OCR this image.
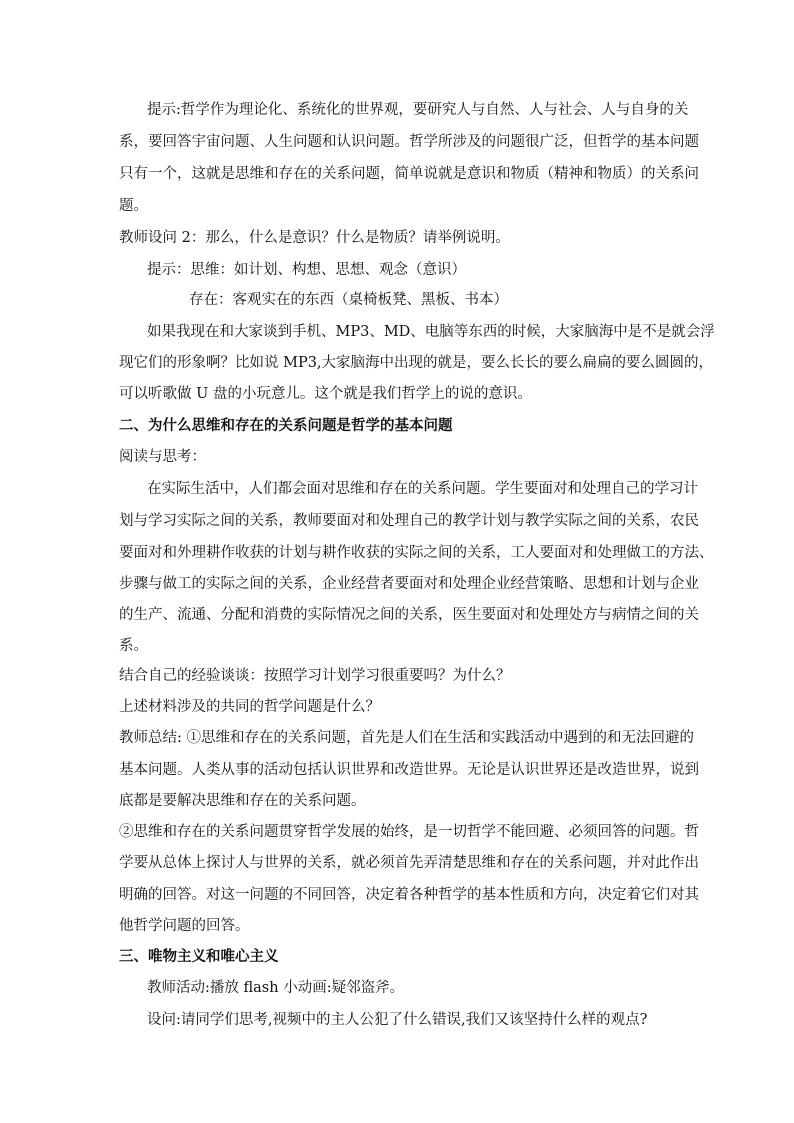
提示:哲学作为理论化、系统化的世界观，要研究人与自然、人与社会、人与自身的关
系，要回答宇宙问题、人生问题和认识问题。哲学所涉及的问题很广泛，但哲学的基本问题
只有一个，这就是思维和存在的关系问题，简单说就是意识和物质（精神和物质）的关系问
题。
教师设问 2：那么，什么是意识？什么是物质？请举例说明。
提示：思维：如计划、构想、思想、观念（意识）
存在：客观实在的东西（桌椅板凳、黑板、书本）
如果我现在和大家谈到手机、MP3、MD、电脑等东西的时候，大家脑海中是不是就会浮
现它们的形象啊？比如说 MP3,大家脑海中出现的就是，要么长长的要么扁扁的要么圆圆的，
可以听歌做 U 盘的小玩意儿。这个就是我们哲学上的说的意识。
二、为什么思维和存在的关系问题是哲学的基本问题
阅读与思考：
在实际生活中，人们都会面对思维和存在的关系问题。学生要面对和处理自己的学习计
划与学习实际之间的关系，教师要面对和处理自己的教学计划与教学实际之间的关系，农民
要面对和外理耕作收获的计划与耕作收获的实际之间的关系，工人要面对和处理做工的方法、
步骤与做工的实际之间的关系，企业经营者要面对和处理企业经营策略、思想和计划与企业
的生产、流通、分配和消费的实际情况之间的关系，医生要面对和处理处方与病情之间的关
系。
结合自己的经验谈谈：按照学习计划学习很重要吗？为什么？
上述材料涉及的共同的哲学问题是什么？
教师总结: ①思维和存在的关系问题，首先是人们在生活和实践活动中遇到的和无法回避的
基本问题。人类从事的活动包括认识世界和改造世界。无论是认识世界还是改造世界，说到
底都是要解决思维和存在的关系问题。
②思维和存在的关系问题贯穿哲学发展的始终，是一切哲学不能回避、必须回答的问题。哲
学要从总体上探讨人与世界的关系，就必须首先弄清楚思维和存在的关系问题，并对此作出
明确的回答。对这一问题的不同回答，决定着各种哲学的基本性质和方向，决定着它们对其
他哲学问题的回答。
三、唯物主义和唯心主义
教师活动:播放 flash 小动画:疑邻盗斧。
设问:请同学们思考,视频中的主人公犯了什么错误,我们又该坚持什么样的观点?
